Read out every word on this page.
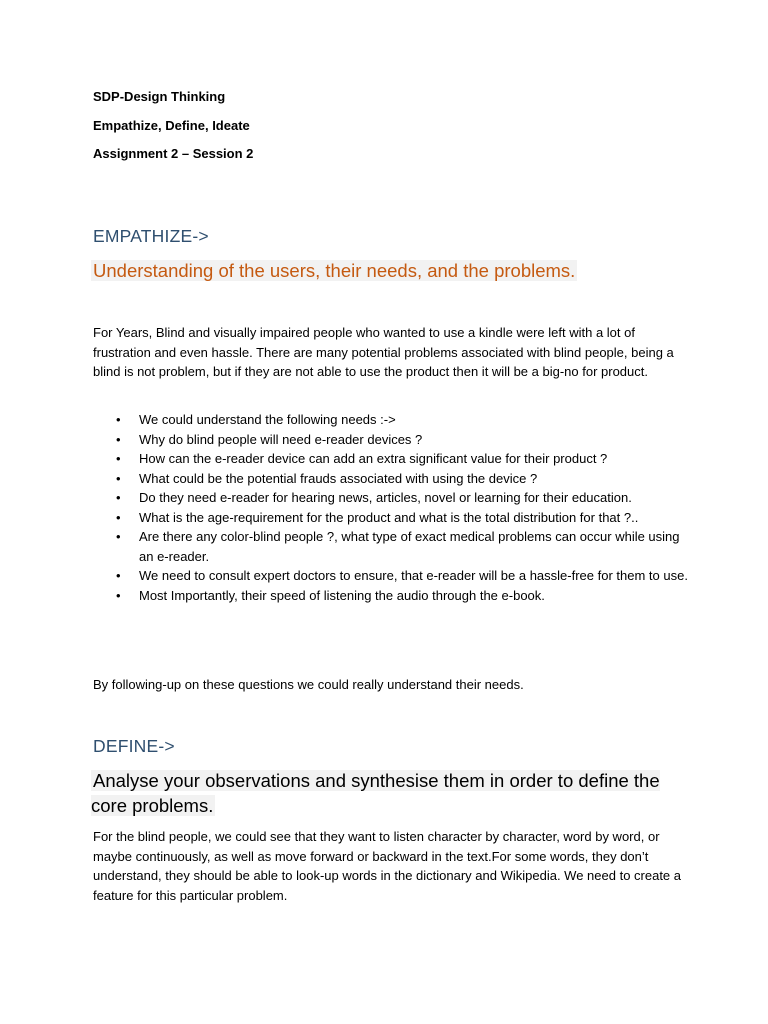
SDP-Design Thinking
Empathize, Define, Ideate
Assignment 2 – Session 2
EMPATHIZE->
Understanding of the users, their needs, and the problems.
For Years, Blind and visually impaired people who wanted to use a kindle were left with a lot of frustration and even hassle. There are many potential problems associated with blind people, being a blind is not problem, but if they are not able to use the product then it will be a big-no for product.
• We could understand the following needs :->
• Why do blind people will need e-reader devices ?
• How can the e-reader device can add an extra significant value for their product ?
• What could be the potential frauds associated with using the device ?
• Do they need e-reader for hearing news, articles, novel or learning for their education.
• What is the age-requirement for the product and what is the total distribution for that ?..
• Are there any color-blind people ?, what type of exact medical problems can occur while using an e-reader.
• We need to consult expert doctors to ensure, that e-reader will be a hassle-free for them to use.
• Most Importantly, their speed of listening the audio through the e-book.
By following-up on these questions we could really understand their needs.
DEFINE->
Analyse your observations and synthesise them in order to define the core problems.
For the blind people, we could see that they want to listen character by character, word by word, or maybe continuously, as well as move forward or backward in the text.For some words, they don’t understand, they should be able to look-up words in the dictionary and Wikipedia. We need to create a feature for this particular problem.
